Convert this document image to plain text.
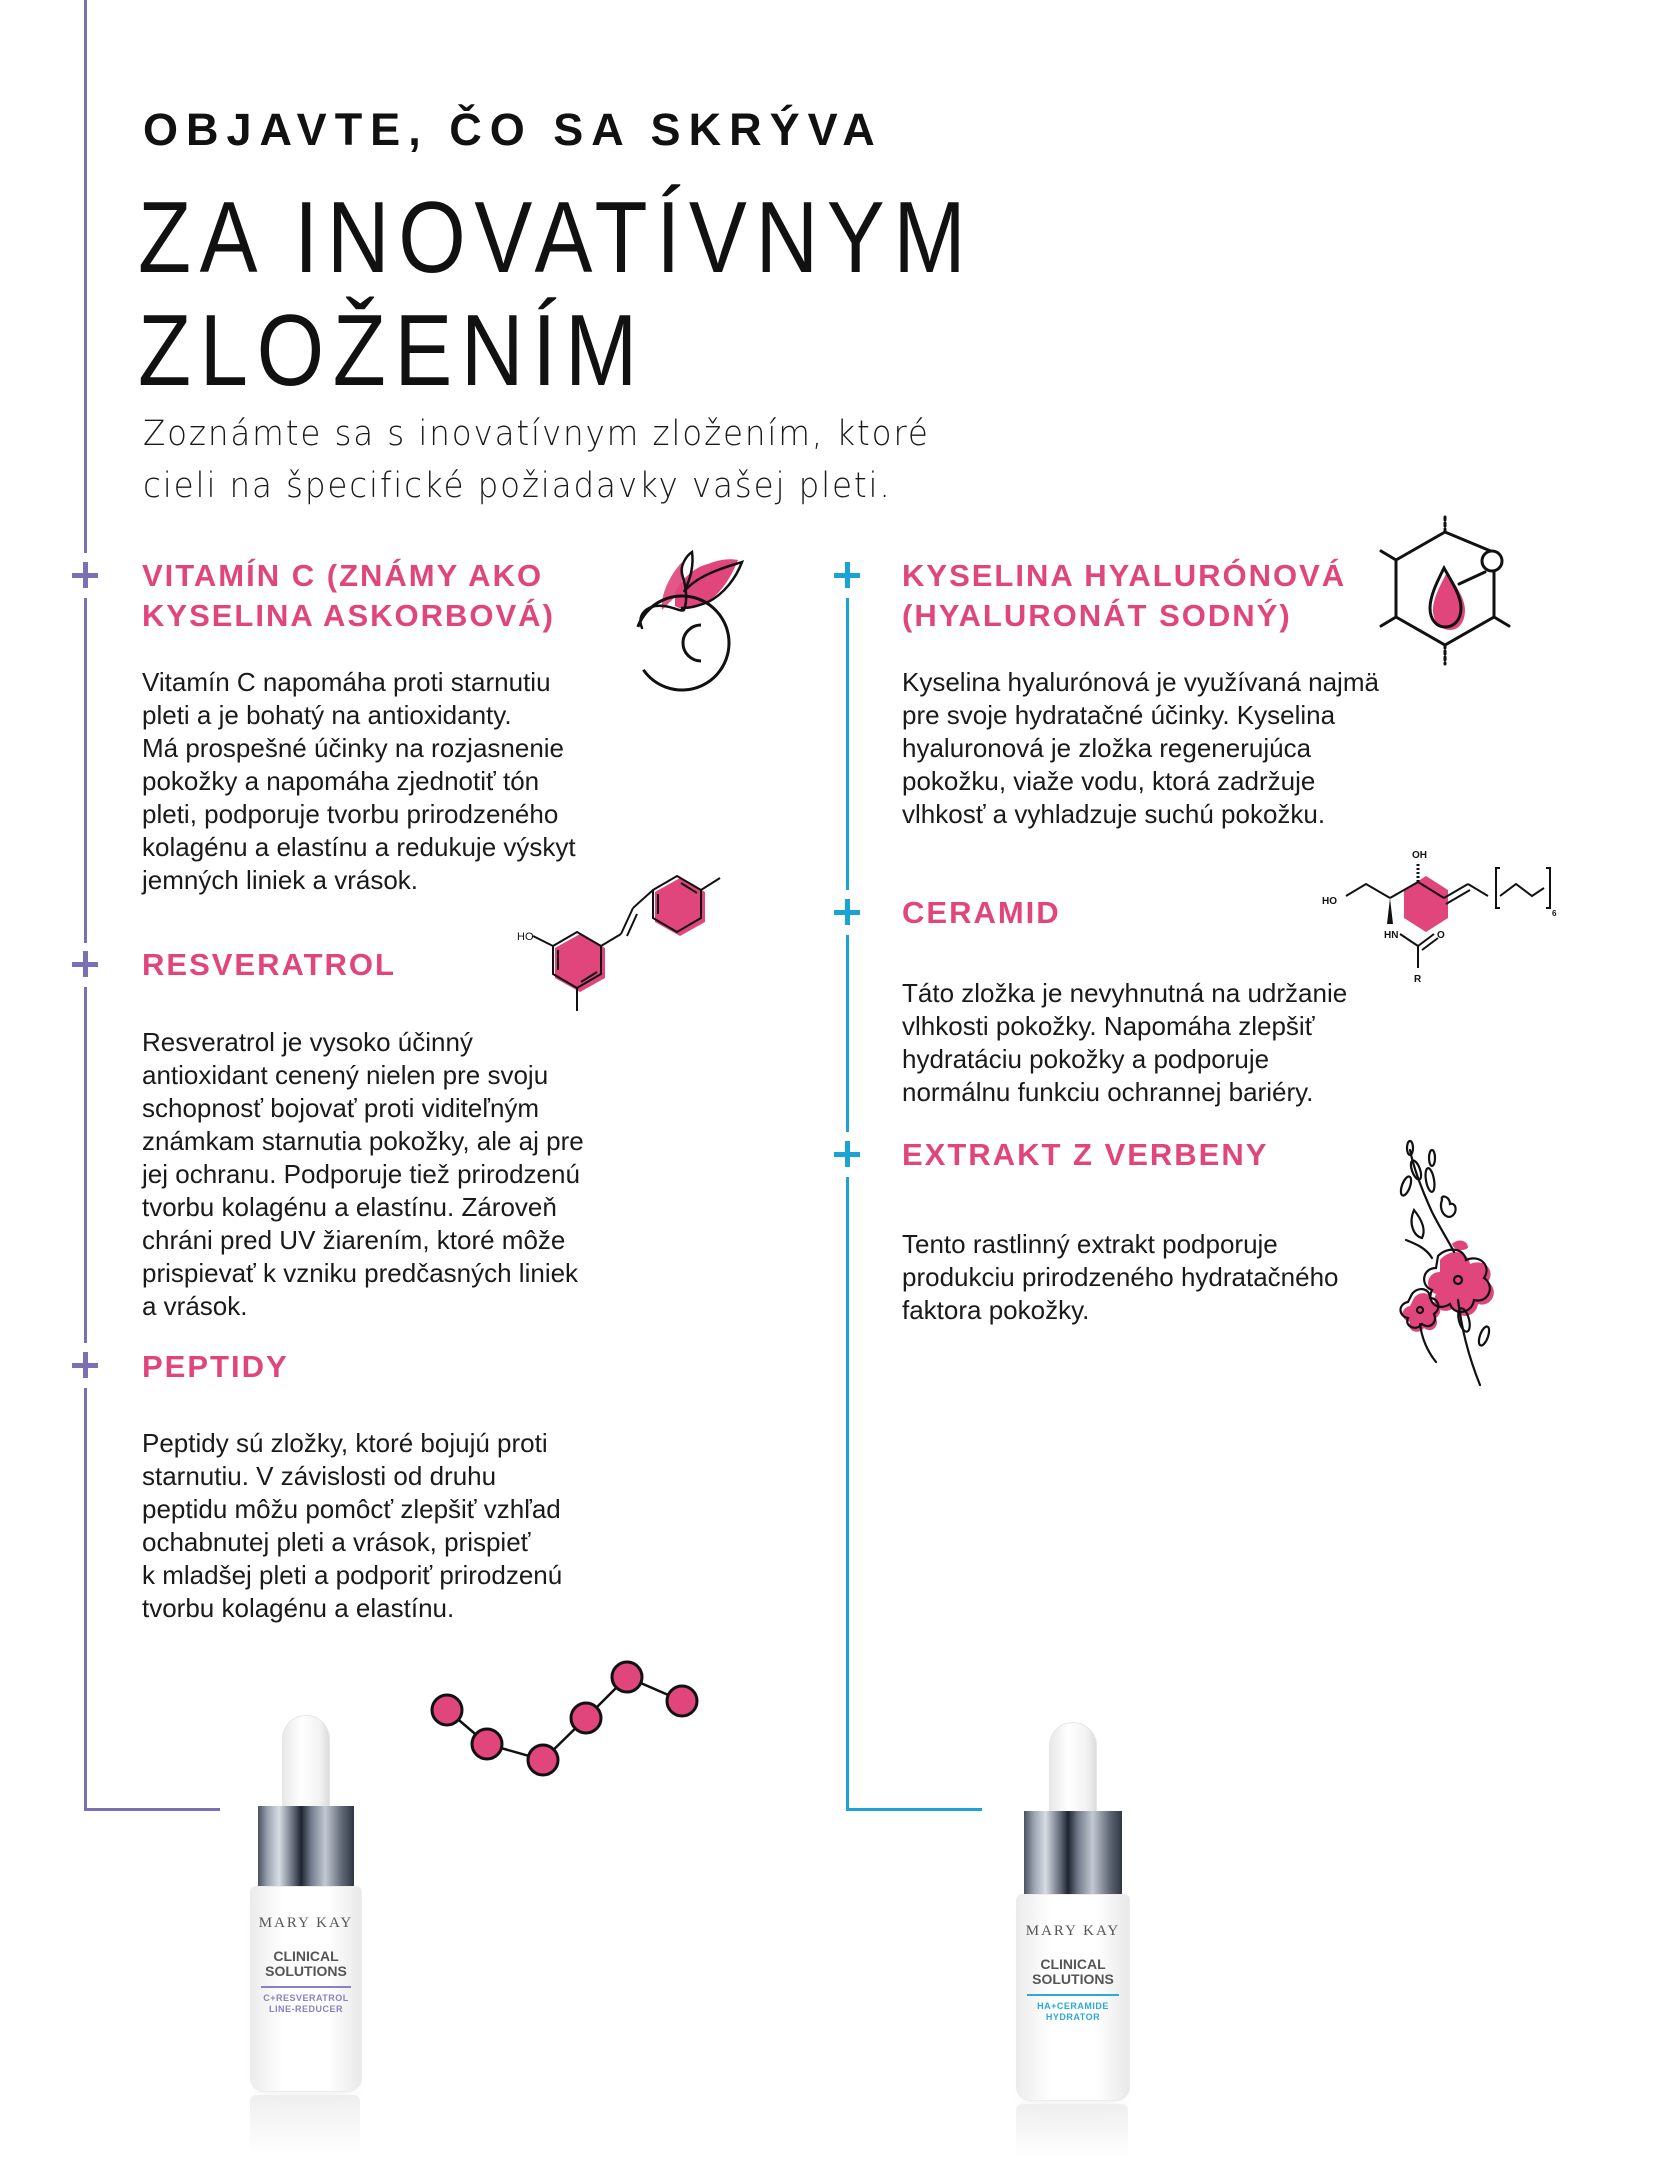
OBJAVTE, ČO SA SKRÝVA
ZA INOVATÍVNYM
ZLOŽENÍM
Zoznámte sa s inovatívnym zložením, ktoré
cieli na špecifické požiadavky vašej pleti.
VITAMÍN C (ZNÁMY AKO
KYSELINA ASKORBOVÁ)
Vitamín C napomáha proti starnutiu
pleti a je bohatý na antioxidanty.
Má prospešné účinky na rozjasnenie
pokožky a napomáha zjednotiť tón
pleti, podporuje tvorbu prirodzeného
kolagénu a elastínu a redukuje výskyt
jemných liniek a vrások.
RESVERATROL
Resveratrol je vysoko účinný
antioxidant cenený nielen pre svoju
schopnosť bojovať proti viditeľným
známkam starnutia pokožky, ale aj pre
jej ochranu. Podporuje tiež prirodzenú
tvorbu kolagénu a elastínu. Zároveň
chráni pred UV žiarením, ktoré môže
prispievať k vzniku predčasných liniek
a vrások.
HO
PEPTIDY
Peptidy sú zložky, ktoré bojujú proti
starnutiu. V závislosti od druhu
peptidu môžu pomôcť zlepšiť vzhľad
ochabnutej pleti a vrások, prispieť
k mladšej pleti a podporiť prirodzenú
tvorbu kolagénu a elastínu.
MARY KAY
CLINICAL
SOLUTIONS
C+RESVERATROL
LINE-REDUCER
KYSELINA HYALURÓNOVÁ
(HYALURONÁT SODNÝ)
Kyselina hyalurónová je využívaná najmä
pre svoje hydratačné účinky. Kyselina
hyaluronová je zložka regenerujúca
pokožku, viaže vodu, ktorá zadržuje
vlhkosť a vyhladzuje suchú pokožku.
CERAMID
Táto zložka je nevyhnutná na udržanie
vlhkosti pokožky. Napomáha zlepšiť
hydratáciu pokožky a podporuje
normálnu funkciu ochrannej bariéry.
OH
HO
HN	O
R
6
EXTRAKT Z VERBENY
Tento rastlinný extrakt podporuje
produkciu prirodzeného hydratačného
faktora pokožky.
MARY KAY
CLINICAL
SOLUTIONS
HA+CERAMIDE
HYDRATOR
